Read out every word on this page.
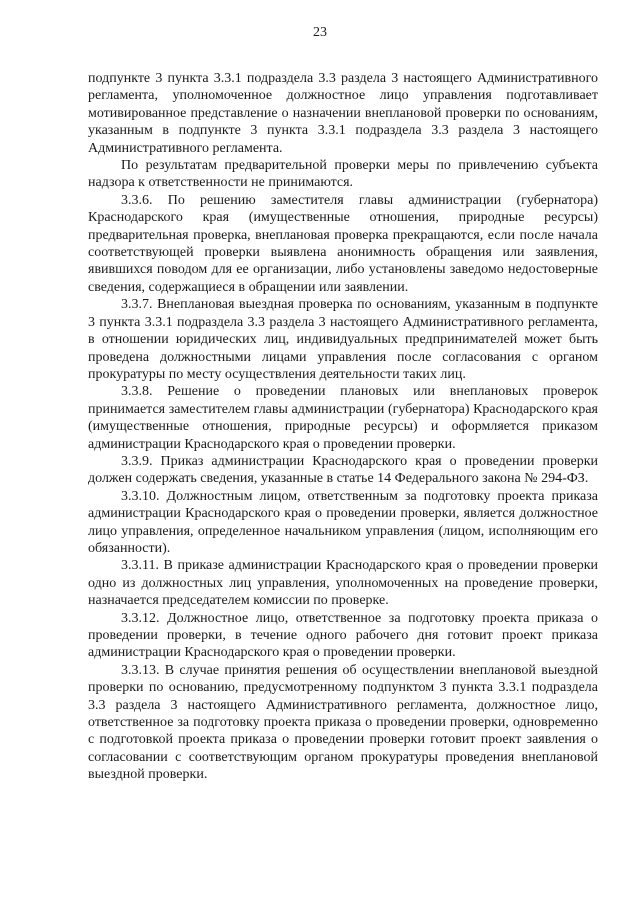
23

подпункте 3 пункта 3.3.1 подраздела 3.3 раздела 3 настоящего Административного регламента, уполномоченное должностное лицо управления подготавливает мотивированное представление о назначении внеплановой проверки по основаниям, указанным в подпункте 3 пункта 3.3.1 подраздела 3.3 раздела 3 настоящего Административного регламента.

По результатам предварительной проверки меры по привлечению субъекта надзора к ответственности не принимаются.

3.3.6. По решению заместителя главы администрации (губернатора) Краснодарского края (имущественные отношения, природные ресурсы) предварительная проверка, внеплановая проверка прекращаются, если после начала соответствующей проверки выявлена анонимность обращения или заявления, явившихся поводом для ее организации, либо установлены заведомо недостоверные сведения, содержащиеся в обращении или заявлении.

3.3.7. Внеплановая выездная проверка по основаниям, указанным в подпункте 3 пункта 3.3.1 подраздела 3.3 раздела 3 настоящего Административного регламента, в отношении юридических лиц, индивидуальных предпринимателей может быть проведена должностными лицами управления после согласования с органом прокуратуры по месту осуществления деятельности таких лиц.

3.3.8. Решение о проведении плановых или внеплановых проверок принимается заместителем главы администрации (губернатора) Краснодарского края (имущественные отношения, природные ресурсы) и оформляется приказом администрации Краснодарского края о проведении проверки.

3.3.9. Приказ администрации Краснодарского края о проведении проверки должен содержать сведения, указанные в статье 14 Федерального закона № 294-ФЗ.

3.3.10. Должностным лицом, ответственным за подготовку проекта приказа администрации Краснодарского края о проведении проверки, является должностное лицо управления, определенное начальником управления (лицом, исполняющим его обязанности).

3.3.11. В приказе администрации Краснодарского края о проведении проверки одно из должностных лиц управления, уполномоченных на проведение проверки, назначается председателем комиссии по проверке.

3.3.12. Должностное лицо, ответственное за подготовку проекта приказа о проведении проверки, в течение одного рабочего дня готовит проект приказа администрации Краснодарского края о проведении проверки.

3.3.13. В случае принятия решения об осуществлении внеплановой выездной проверки по основанию, предусмотренному подпунктом 3 пункта 3.3.1 подраздела 3.3 раздела 3 настоящего Административного регламента, должностное лицо, ответственное за подготовку проекта приказа о проведении проверки, одновременно с подготовкой проекта приказа о проведении проверки готовит проект заявления о согласовании с соответствующим органом прокуратуры проведения внеплановой выездной проверки.
